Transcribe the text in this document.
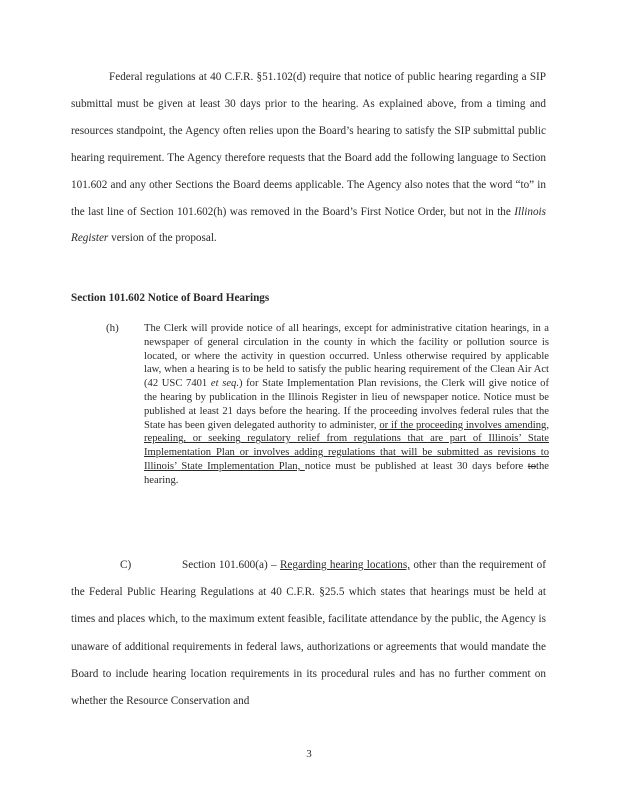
Federal regulations at 40 C.F.R. §51.102(d) require that notice of public hearing regarding a SIP submittal must be given at least 30 days prior to the hearing. As explained above, from a timing and resources standpoint, the Agency often relies upon the Board’s hearing to satisfy the SIP submittal public hearing requirement. The Agency therefore requests that the Board add the following language to Section 101.602 and any other Sections the Board deems applicable. The Agency also notes that the word “to” in the last line of Section 101.602(h) was removed in the Board’s First Notice Order, but not in the Illinois Register version of the proposal.

Section 101.602 Notice of Board Hearings

(h) The Clerk will provide notice of all hearings, except for administrative citation hearings, in a newspaper of general circulation in the county in which the facility or pollution source is located, or where the activity in question occurred. Unless otherwise required by applicable law, when a hearing is to be held to satisfy the public hearing requirement of the Clean Air Act (42 USC 7401 et seq.) for State Implementation Plan revisions, the Clerk will give notice of the hearing by publication in the Illinois Register in lieu of newspaper notice. Notice must be published at least 21 days before the hearing. If the proceeding involves federal rules that the State has been given delegated authority to administer, or if the proceeding involves amending, repealing, or seeking regulatory relief from regulations that are part of Illinois’ State Implementation Plan or involves adding regulations that will be submitted as revisions to Illinois’ State Implementation Plan, notice must be published at least 30 days before tothe hearing.

C)	Section 101.600(a) – Regarding hearing locations, other than the requirement of the Federal Public Hearing Regulations at 40 C.F.R. §25.5 which states that hearings must be held at times and places which, to the maximum extent feasible, facilitate attendance by the public, the Agency is unaware of additional requirements in federal laws, authorizations or agreements that would mandate the Board to include hearing location requirements in its procedural rules and has no further comment on whether the Resource Conservation and

3
